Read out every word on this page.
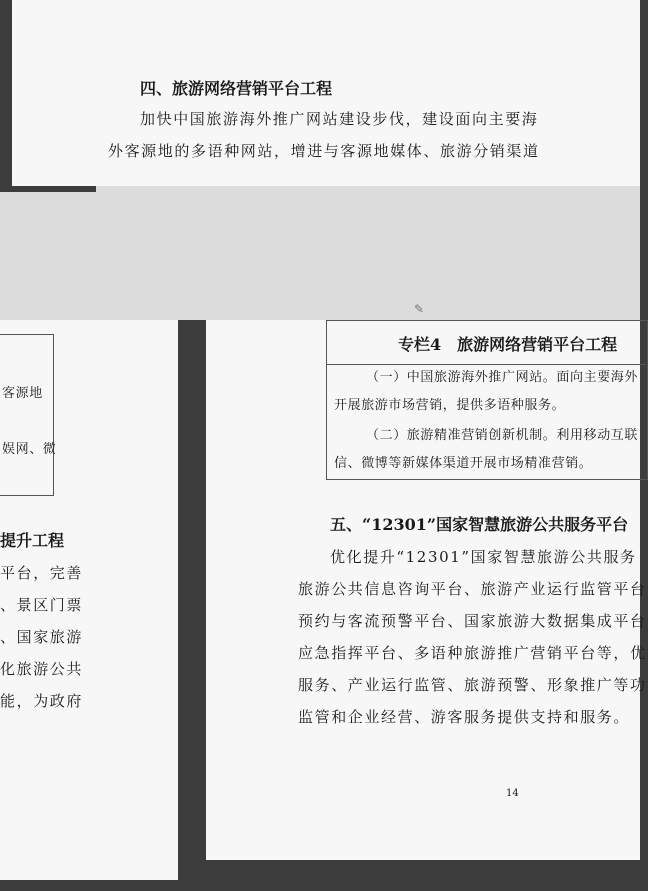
四、旅游网络营销平台工程
加快中国旅游海外推广网站建设步伐，建设面向主要海
外客源地的多语种网站，增进与客源地媒体、旅游分销渠道

客源地
娱网、微
提升工程
平台，完善
、景区门票
、国家旅游
化旅游公共
能，为政府
✎
专栏4　旅游网络营销平台工程
（一）中国旅游海外推广网站。面向主要海外
开展旅游市场营销，提供多语种服务。
（二）旅游精准营销创新机制。利用移动互联
信、微博等新媒体渠道开展市场精准营销。
五、“12301”国家智慧旅游公共服务平台
优化提升“12301”国家智慧旅游公共服务
旅游公共信息咨询平台、旅游产业运行监管平台
预约与客流预警平台、国家旅游大数据集成平台
应急指挥平台、多语种旅游推广营销平台等，优
服务、产业运行监管、旅游预警、形象推广等功
监管和企业经营、游客服务提供支持和服务。
14
